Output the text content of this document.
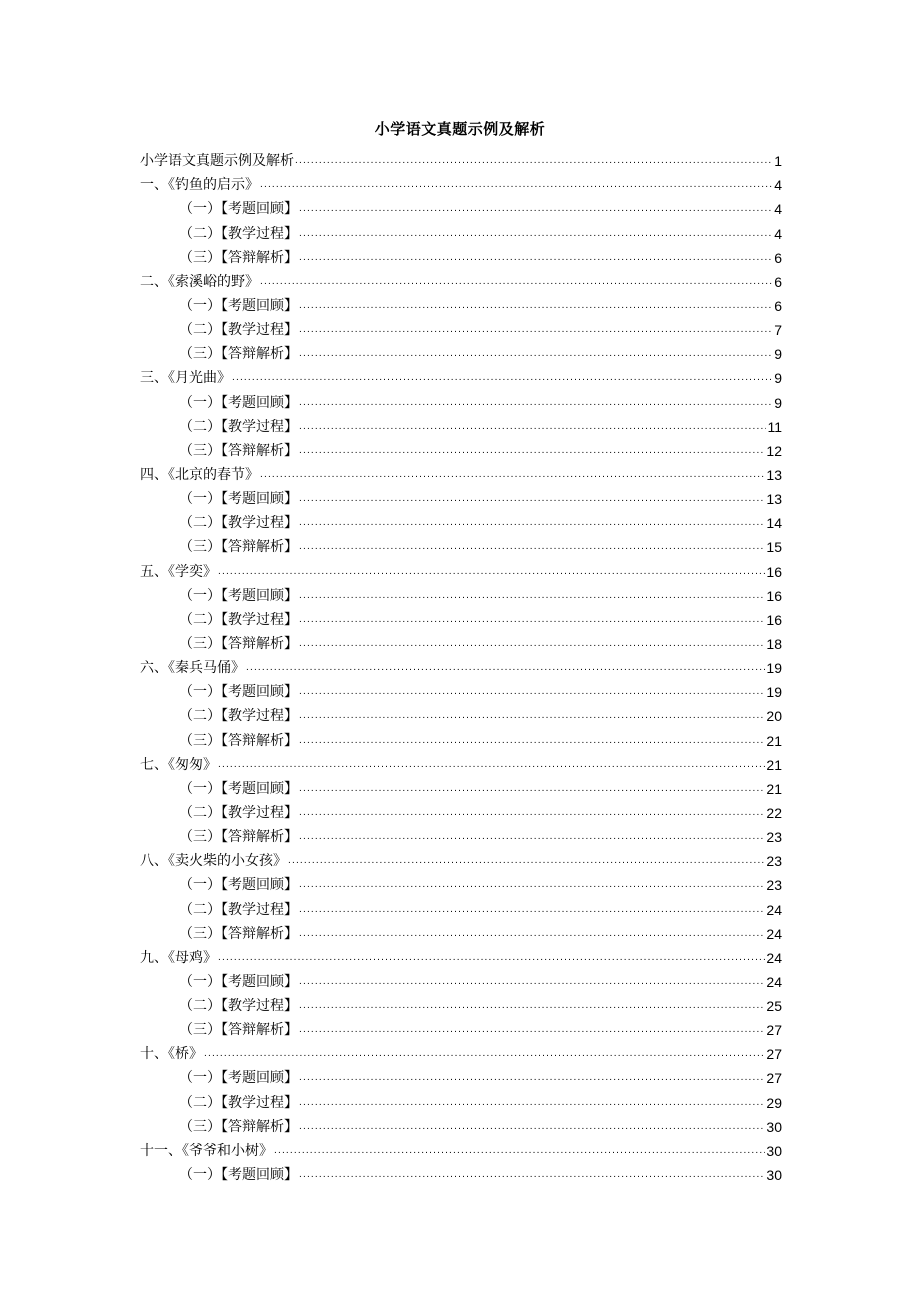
小学语文真题示例及解析
小学语文真题示例及解析 .....	1
一、《钓鱼的启示》 .....	4
（一）【考题回顾】 .....	4
（二）【教学过程】 .....	4
（三）【答辩解析】 .....	6
二、《索溪峪的野》 .....	6
（一）【考题回顾】 .....	6
（二）【教学过程】 .....	7
（三）【答辩解析】 .....	9
三、《月光曲》 .....	9
（一）【考题回顾】 .....	9
（二）【教学过程】 .....	11
（三）【答辩解析】 .....	12
四、《北京的春节》 .....	13
（一）【考题回顾】 .....	13
（二）【教学过程】 .....	14
（三）【答辩解析】 .....	15
五、《学奕》 .....	16
（一）【考题回顾】 .....	16
（二）【教学过程】 .....	16
（三）【答辩解析】 .....	18
六、《秦兵马俑》 .....	19
（一）【考题回顾】 .....	19
（二）【教学过程】 .....	20
（三）【答辩解析】 .....	21
七、《匆匆》 .....	21
（一）【考题回顾】 .....	21
（二）【教学过程】 .....	22
（三）【答辩解析】 .....	23
八、《卖火柴的小女孩》 .....	23
（一）【考题回顾】 .....	23
（二）【教学过程】 .....	24
（三）【答辩解析】 .....	24
九、《母鸡》 .....	24
（一）【考题回顾】 .....	24
（二）【教学过程】 .....	25
（三）【答辩解析】 .....	27
十、《桥》 .....	27
（一）【考题回顾】 .....	27
（二）【教学过程】 .....	29
（三）【答辩解析】 .....	30
十一、《爷爷和小树》 .....	30
（一）【考题回顾】 .....	30
